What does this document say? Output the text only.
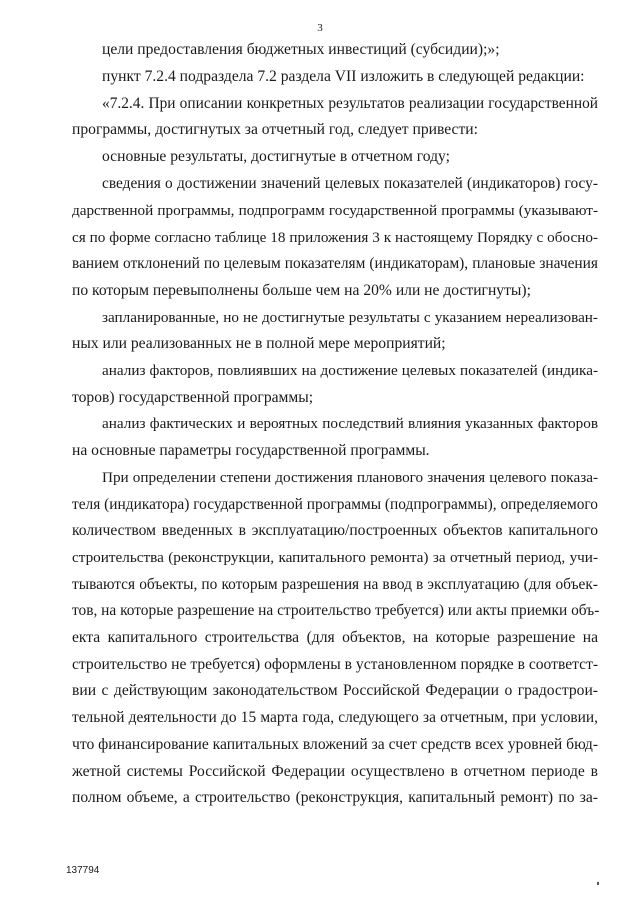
3
цели предоставления бюджетных инвестиций (субсидии);»;
пункт 7.2.4 подраздела 7.2 раздела VII изложить в следующей редакции:
«7.2.4. При описании конкретных результатов реализации государственной
программы, достигнутых за отчетный год, следует привести:
основные результаты, достигнутые в отчетном году;
сведения о достижении значений целевых показателей (индикаторов) госу-
дарственной программы, подпрограмм государственной программы (указывают-
ся по форме согласно таблице 18 приложения 3 к настоящему Порядку с обосно-
ванием отклонений по целевым показателям (индикаторам), плановые значения
по которым перевыполнены больше чем на 20% или не достигнуты);
запланированные, но не достигнутые результаты с указанием нереализован-
ных или реализованных не в полной мере мероприятий;
анализ факторов, повлиявших на достижение целевых показателей (индика-
торов) государственной программы;
анализ фактических и вероятных последствий влияния указанных факторов
на основные параметры государственной программы.
При определении степени достижения планового значения целевого показа-
теля (индикатора) государственной программы (подпрограммы), определяемого
количеством введенных в эксплуатацию/построенных объектов капитального
строительства (реконструкции, капитального ремонта) за отчетный период, учи-
тываются объекты, по которым разрешения на ввод в эксплуатацию (для объек-
тов, на которые разрешение на строительство требуется) или акты приемки объ-
екта капитального строительства (для объектов, на которые разрешение на
строительство не требуется) оформлены в установленном порядке в соответст-
вии с действующим законодательством Российской Федерации о градострои-
тельной деятельности до 15 марта года, следующего за отчетным, при условии,
что финансирование капитальных вложений за счет средств всех уровней бюд-
жетной системы Российской Федерации осуществлено в отчетном периоде в
полном объеме, а строительство (реконструкция, капитальный ремонт) по за-
137794
